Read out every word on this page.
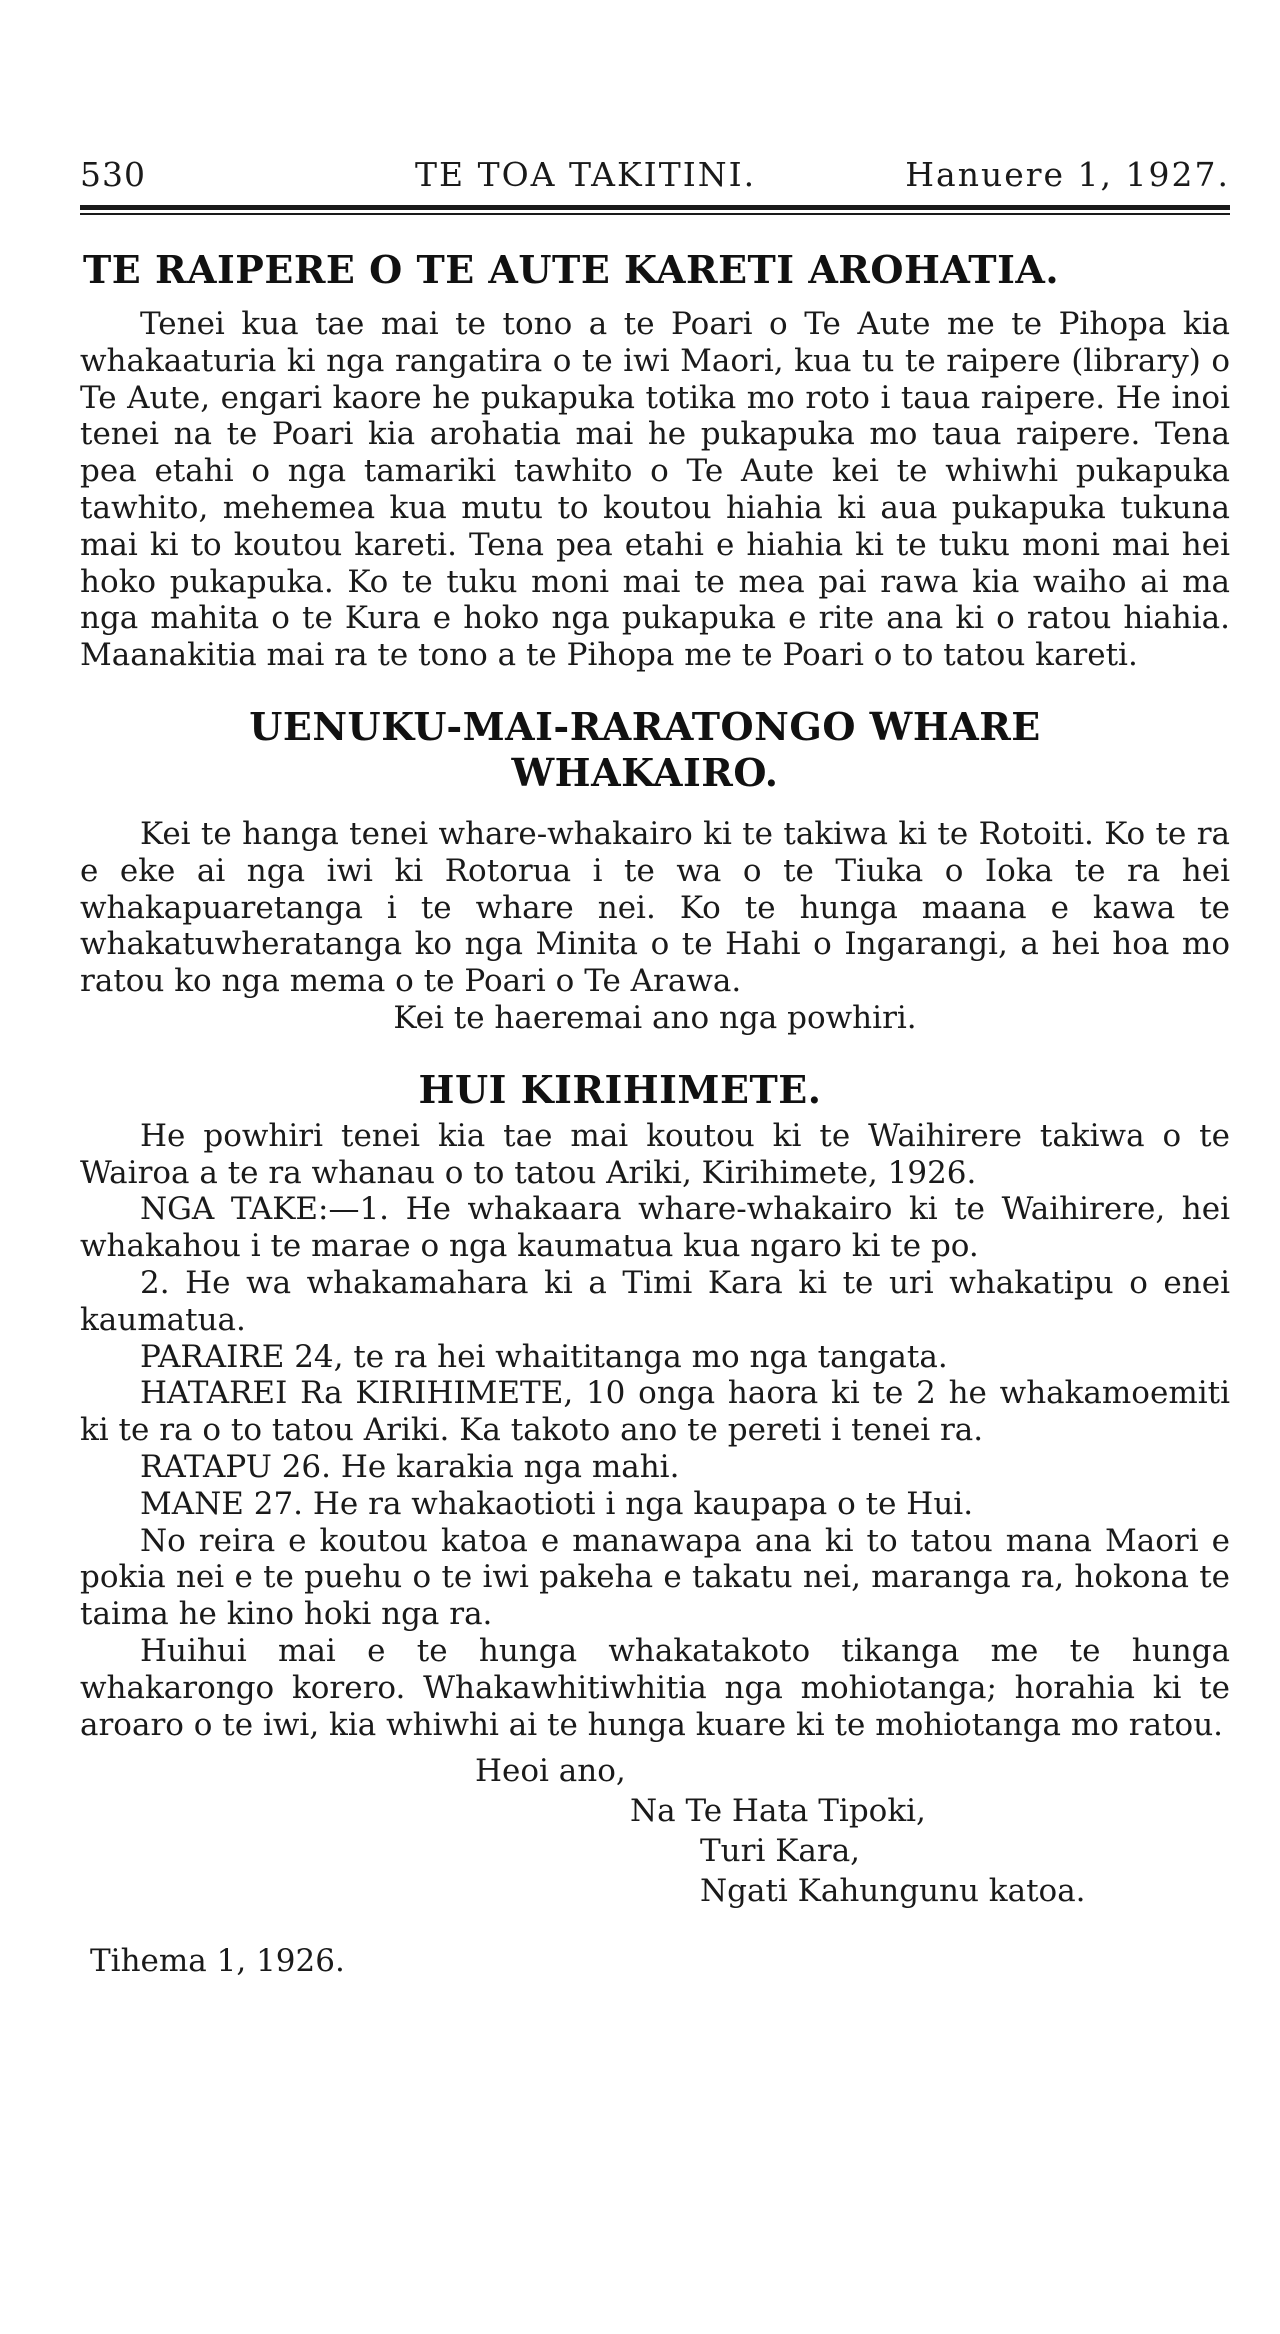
530	TE TOA TAKITINI.	Hanuere 1, 1927.
TE RAIPERE O TE AUTE KARETI AROHATIA.

Tenei kua tae mai te tono a te Poari o Te Aute me te Pihopa kia whakaaturia ki nga rangatira o te iwi Maori, kua tu te raipere (library) o Te Aute, engari kaore he pukapuka totika mo roto i taua raipere. He inoi tenei na te Poari kia arohatia mai he pukapuka mo taua raipere. Tena pea etahi o nga tamariki tawhito o Te Aute kei te whiwhi pukapuka tawhito, mehemea kua mutu to koutou hiahia ki aua pukapuka tukuna mai ki to koutou kareti. Tena pea etahi e hiahia ki te tuku moni mai hei hoko pukapuka. Ko te tuku moni mai te mea pai rawa kia waiho ai ma nga mahita o te Kura e hoko nga pukapuka e rite ana ki o ratou hiahia. Maanakitia mai ra te tono a te Pihopa me te Poari o to tatou kareti.

UENUKU-MAI-RARATONGO WHARE WHAKAIRO.

Kei te hanga tenei whare-whakairo ki te takiwa ki te Rotoiti. Ko te ra e eke ai nga iwi ki Rotorua i te wa o te Tiuka o Ioka te ra hei whakapuaretanga i te whare nei. Ko te hunga maana e kawa te whakatuwheratanga ko nga Minita o te Hahi o Ingarangi, a hei hoa mo ratou ko nga mema o te Poari o Te Arawa.

Kei te haeremai ano nga powhiri.

HUI KIRIHIMETE.

He powhiri tenei kia tae mai koutou ki te Waihirere takiwa o te Wairoa a te ra whanau o to tatou Ariki, Kirihimete, 1926.

NGA TAKE:—1. He whakaara whare-whakairo ki te Waihirere, hei whakahou i te marae o nga kaumatua kua ngaro ki te po.

2. He wa whakamahara ki a Timi Kara ki te uri whakatipu o enei kaumatua.

PARAIRE 24, te ra hei whaititanga mo nga tangata.

HATAREI Ra KIRIHIMETE, 10 onga haora ki te 2 he whakamoemiti ki te ra o to tatou Ariki. Ka takoto ano te pereti i tenei ra.

RATAPU 26. He karakia nga mahi.

MANE 27. He ra whakaotioti i nga kaupapa o te Hui.

No reira e koutou katoa e manawapa ana ki to tatou mana Maori e pokia nei e te puehu o te iwi pakeha e takatu nei, maranga ra, hokona te taima he kino hoki nga ra.

Huihui mai e te hunga whakatakoto tikanga me te hunga whakarongo korero. Whakawhitiwhitia nga mohiotanga; horahia ki te aroaro o te iwi, kia whiwhi ai te hunga kuare ki te mohiotanga mo ratou.

Heoi ano,
Na Te Hata Tipoki,
Turi Kara,
Ngati Kahungunu katoa.
Tihema 1, 1926.
